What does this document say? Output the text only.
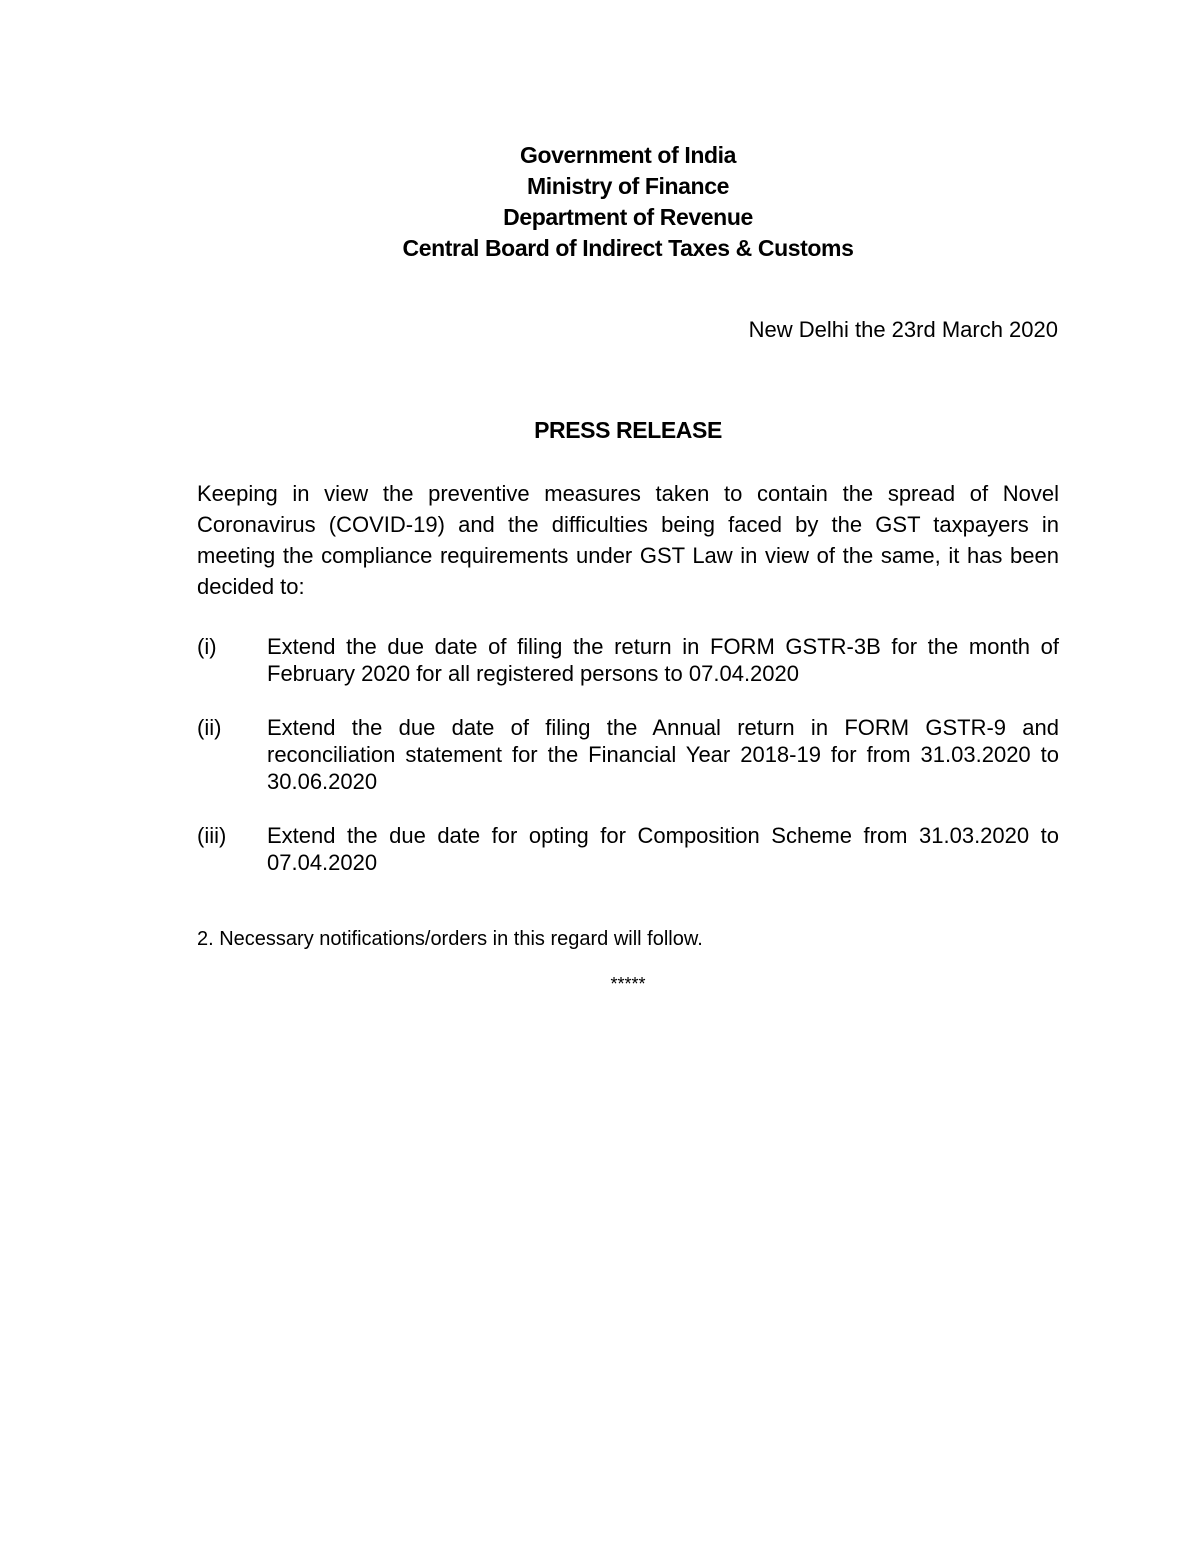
Government of India
Ministry of Finance
Department of Revenue
Central Board of Indirect Taxes & Customs
New Delhi the 23rd March 2020
PRESS RELEASE
Keeping in view the preventive measures taken to contain the spread of Novel Coronavirus (COVID-19) and the difficulties being faced by the GST taxpayers in meeting the compliance requirements under GST Law in view of the same, it has been decided to:
(i)	Extend the due date of filing the return in FORM GSTR-3B for the month of February 2020 for all registered persons to 07.04.2020
(ii)	Extend the due date of filing the Annual return in FORM GSTR-9 and reconciliation statement for the Financial Year 2018-19 for from 31.03.2020 to 30.06.2020
(iii)	Extend the due date for opting for Composition Scheme from 31.03.2020 to 07.04.2020
2. Necessary notifications/orders in this regard will follow.
*****
